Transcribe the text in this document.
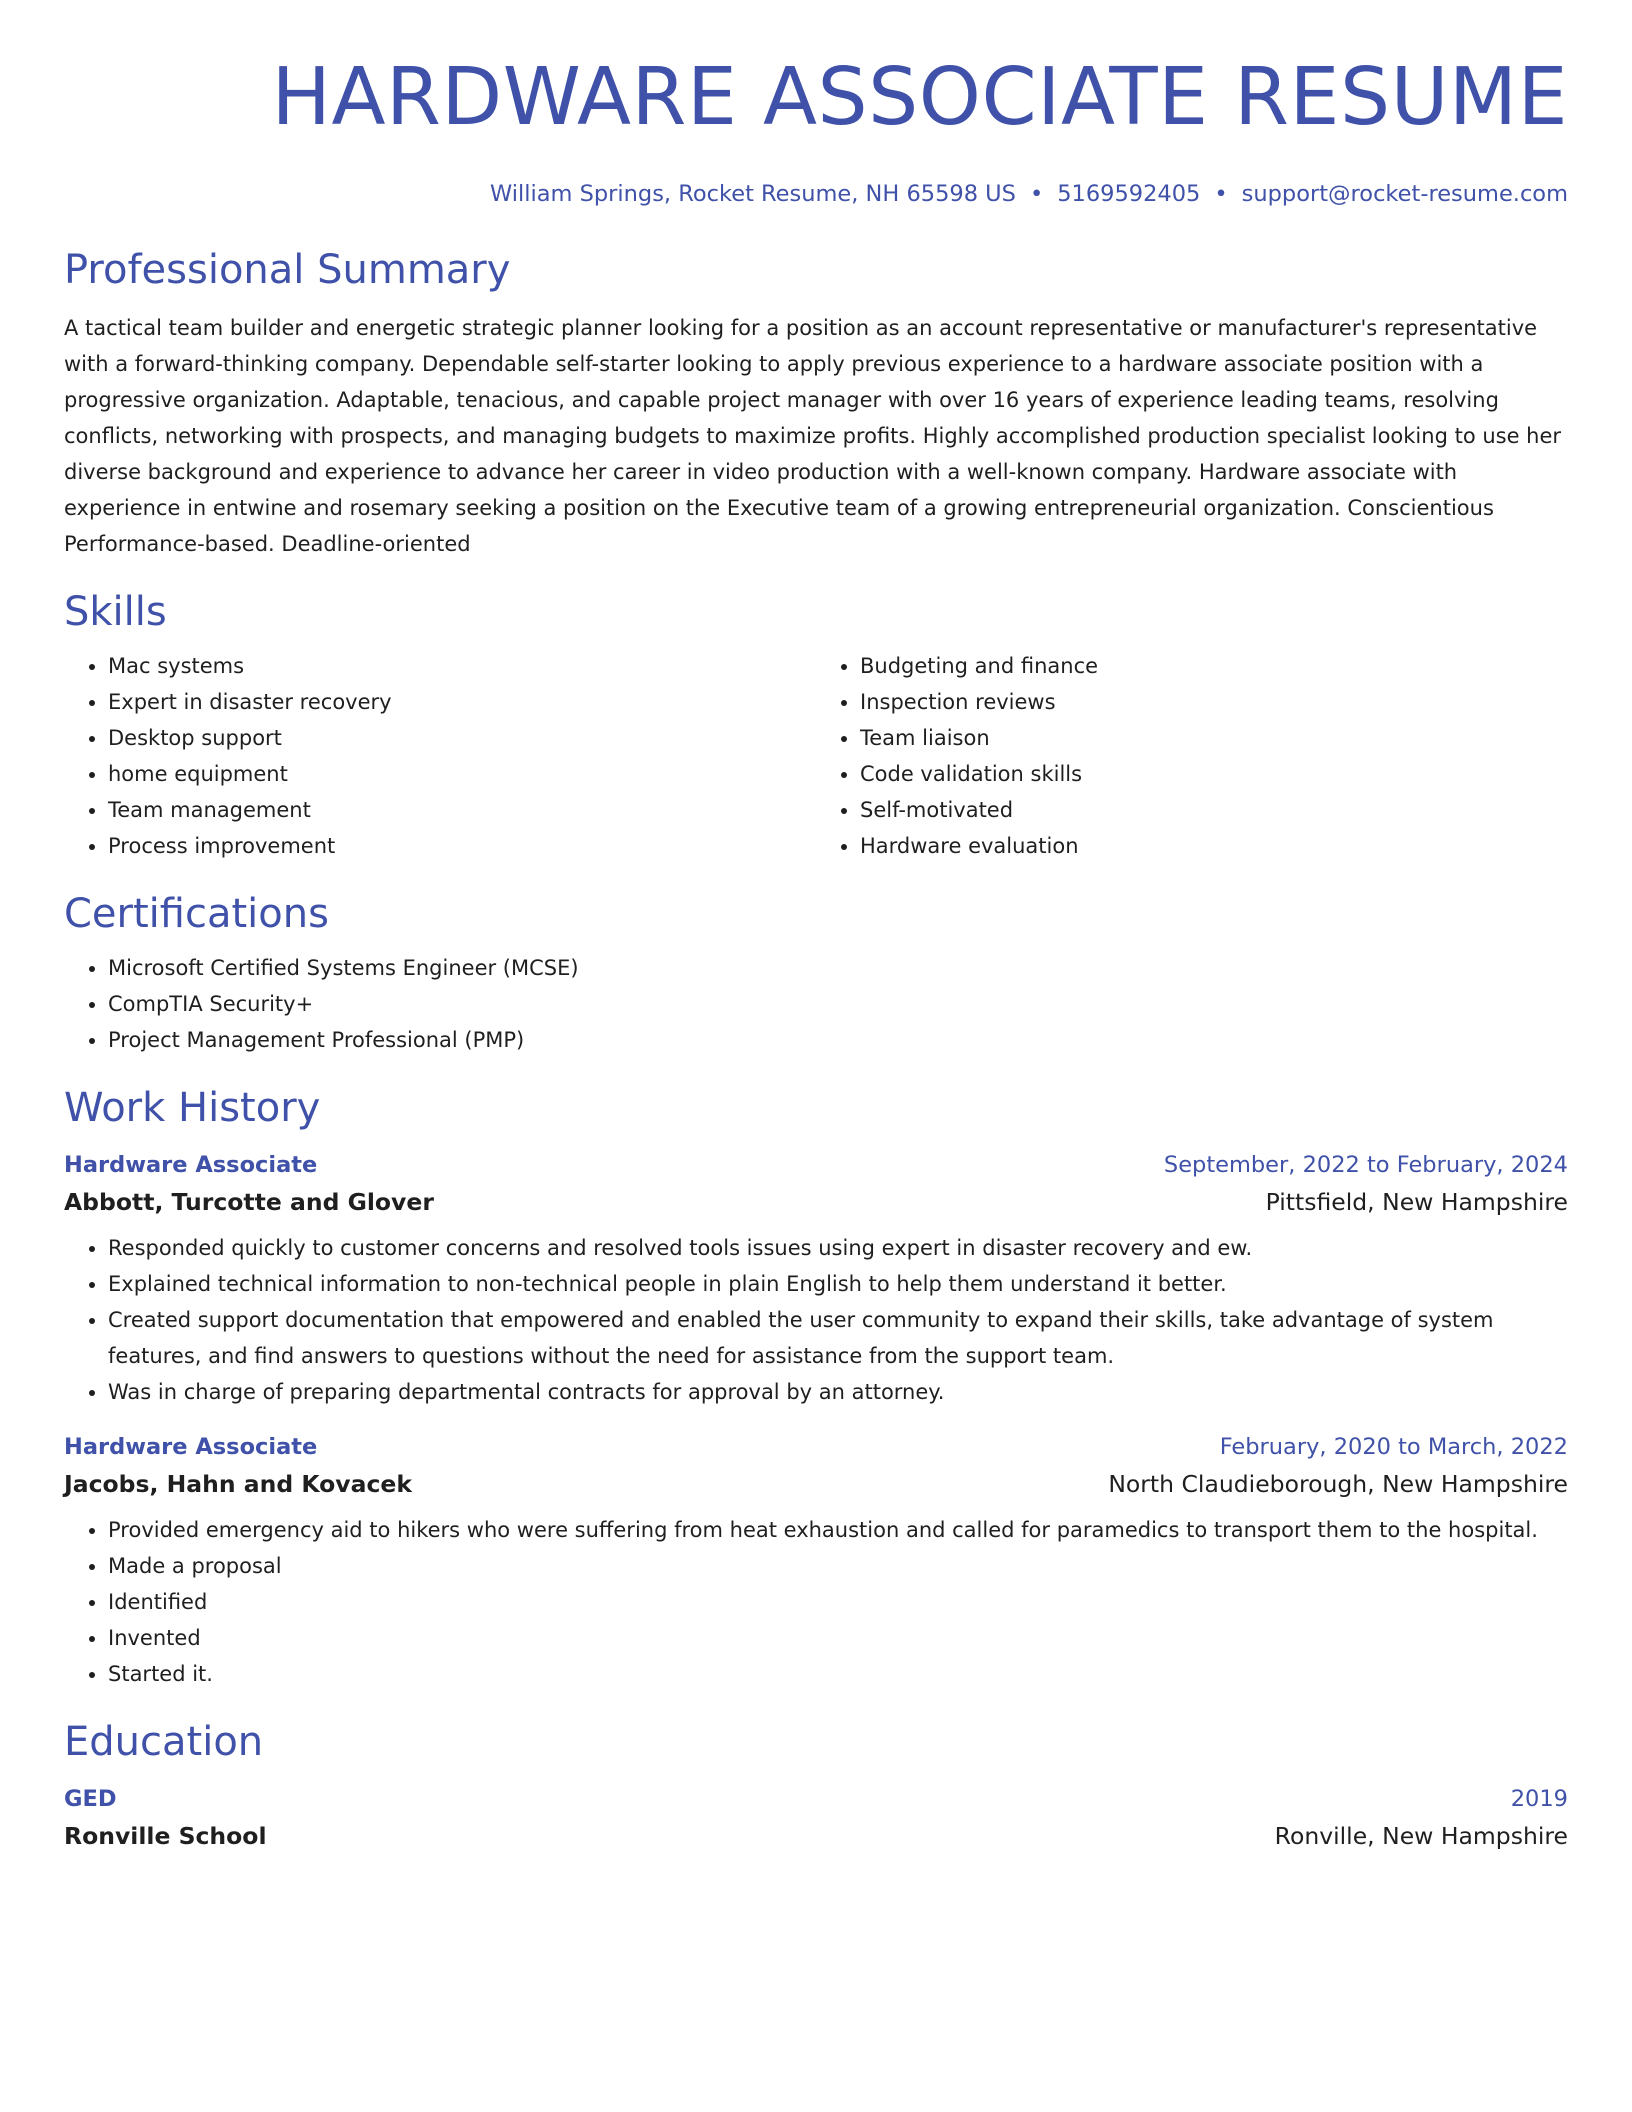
HARDWARE ASSOCIATE RESUME
William Springs, Rocket Resume, NH 65598 US • 5169592405 • support@rocket-resume.com
Professional Summary
A tactical team builder and energetic strategic planner looking for a position as an account representative or manufacturer's representative with a forward-thinking company. Dependable self-starter looking to apply previous experience to a hardware associate position with a progressive organization. Adaptable, tenacious, and capable project manager with over 16 years of experience leading teams, resolving conflicts, networking with prospects, and managing budgets to maximize profits. Highly accomplished production specialist looking to use her diverse background and experience to advance her career in video production with a well-known company. Hardware associate with experience in entwine and rosemary seeking a position on the Executive team of a growing entrepreneurial organization. Conscientious Performance-based. Deadline-oriented
Skills
• Mac systems
• Expert in disaster recovery
• Desktop support
• home equipment
• Team management
• Process improvement
• Budgeting and finance
• Inspection reviews
• Team liaison
• Code validation skills
• Self-motivated
• Hardware evaluation
Certifications
• Microsoft Certified Systems Engineer (MCSE)
• CompTIA Security+
• Project Management Professional (PMP)
Work History
Hardware Associate	September, 2022 to February, 2024
Abbott, Turcotte and Glover	Pittsfield, New Hampshire
• Responded quickly to customer concerns and resolved tools issues using expert in disaster recovery and ew.
• Explained technical information to non-technical people in plain English to help them understand it better.
• Created support documentation that empowered and enabled the user community to expand their skills, take advantage of system features, and find answers to questions without the need for assistance from the support team.
• Was in charge of preparing departmental contracts for approval by an attorney.
Hardware Associate	February, 2020 to March, 2022
Jacobs, Hahn and Kovacek	North Claudieborough, New Hampshire
• Provided emergency aid to hikers who were suffering from heat exhaustion and called for paramedics to transport them to the hospital.
• Made a proposal
• Identified
• Invented
• Started it.
Education
GED	2019
Ronville School	Ronville, New Hampshire
